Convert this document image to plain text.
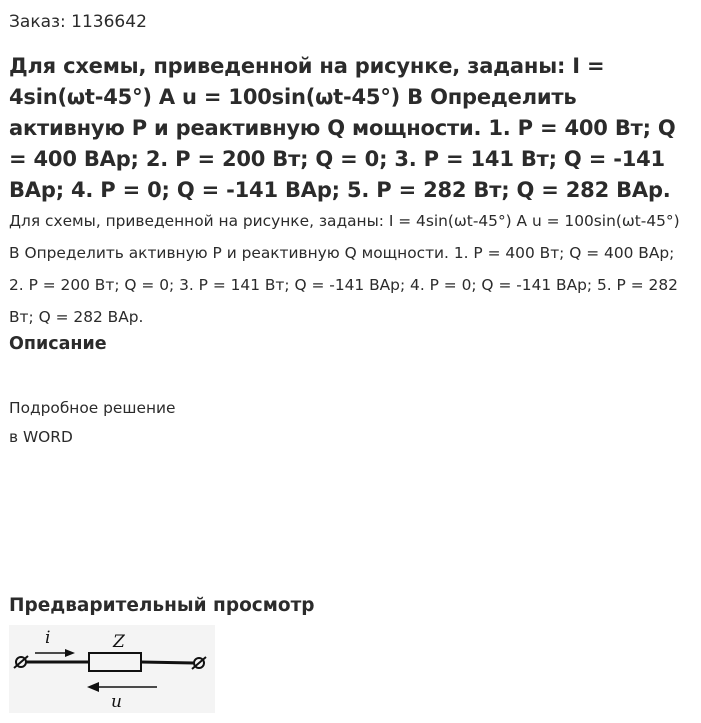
Заказ: 1136642
Для схемы, приведенной на рисунке, заданы: I = 4sin(ωt-45°) А u = 100sin(ωt-45°) В Определить активную Р и реактивную Q мощности. 1. Р = 400 Вт; Q = 400 BAp; 2. Р = 200 Вт; Q = 0; 3. Р = 141 Вт; Q = -141 BAp; 4. Р = 0; Q = -141 BAp; 5. Р = 282 Вт; Q = 282 BAp.

Для схемы, приведенной на рисунке, заданы: I = 4sin(ωt-45°) А u = 100sin(ωt-45°) В Определить активную Р и реактивную Q мощности. 1. Р = 400 Вт; Q = 400 BAp; 2. Р = 200 Вт; Q = 0; 3. Р = 141 Вт; Q = -141 BAp; 4. Р = 0; Q = -141 BAp; 5. Р = 282 Вт; Q = 282 BAp.

Описание
Подробное решение
в WORD
Предварительный просмотр
Z
i
u
